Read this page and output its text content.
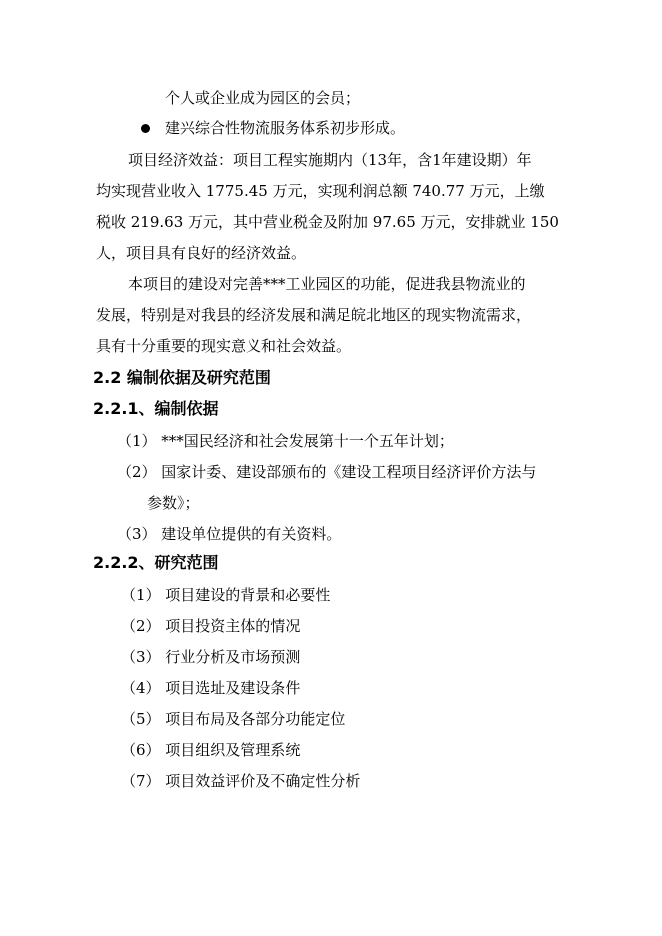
个人或企业成为园区的会员；
建兴综合性物流服务体系初步形成。
项目经济效益：项目工程实施期内（13年，含1年建设期）年
均实现营业收入 1775.45 万元，实现利润总额 740.77 万元，上缴
税收 219.63 万元，其中营业税金及附加 97.65 万元，安排就业 150
人，项目具有良好的经济效益。
本项目的建设对完善***工业园区的功能，促进我县物流业的
发展，特别是对我县的经济发展和满足皖北地区的现实物流需求，
具有十分重要的现实意义和社会效益。
2.2 编制依据及研究范围
2.2.1、编制依据
（1） ***国民经济和社会发展第十一个五年计划；
（2） 国家计委、建设部颁布的《建设工程项目经济评价方法与
参数》；
（3） 建设单位提供的有关资料。
2.2.2、研究范围
（1） 项目建设的背景和必要性
（2） 项目投资主体的情况
（3） 行业分析及市场预测
（4） 项目选址及建设条件
（5） 项目布局及各部分功能定位
（6） 项目组织及管理系统
（7） 项目效益评价及不确定性分析
